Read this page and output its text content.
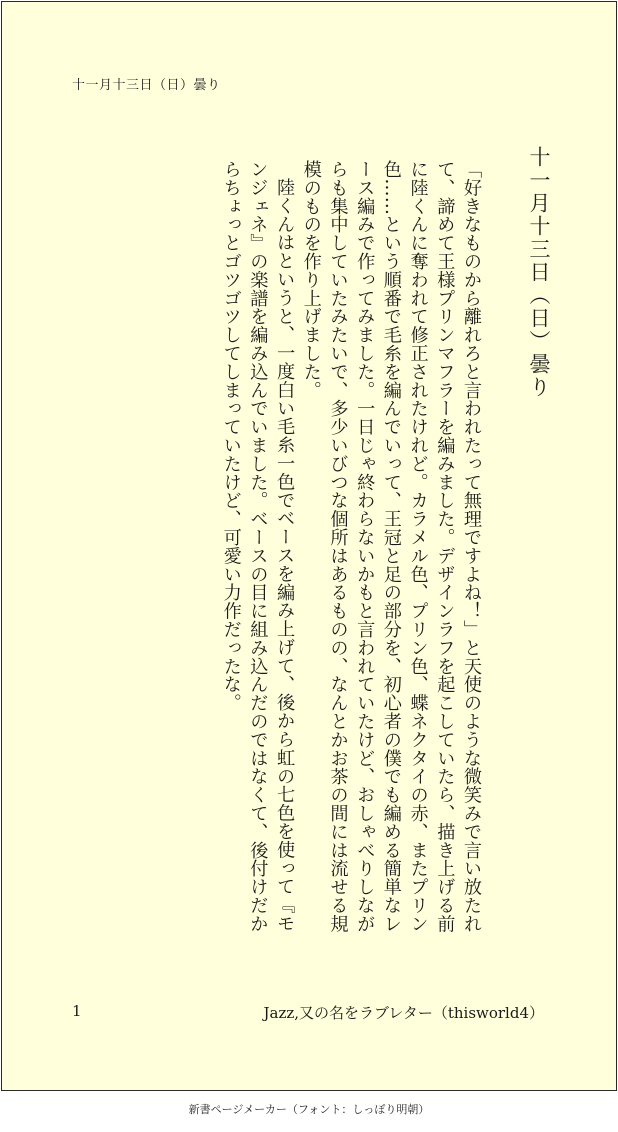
十一月十三日（日）曇り
十一月十三日（日）曇り

「好きなものから離れろと言われたって無理ですよね！」と天使のような微笑みで言い放たれて、諦めて王様プリンマフラーを編みました。デザインラフを起こしていたら、描き上げる前に陸くんに奪われて修正されたけれど。カラメル色、プリン色、蝶ネクタイの赤、またプリン色……という順番で毛糸を編んでいって、王冠と足の部分を、初心者の僕でも編める簡単なレース編みで作ってみました。一日じゃ終わらないかもと言われていたけど、おしゃべりしながらも集中していたみたいで、多少いびつな個所はあるものの、なんとかお茶の間には流せる規模のものを作り上げました。

陸くんはというと、一度白い毛糸一色でベースを編み上げて、後から虹の七色を使って『モンジェネ』の楽譜を編み込んでいました。ベースの目に組み込んだのではなくて、後付けだからちょっとゴツゴツしてしまっていたけど、可愛い力作だったな。

1	Jazz,又の名をラブレター（thisworld4）
新書ページメーカー（フォント：しっぽり明朝）
